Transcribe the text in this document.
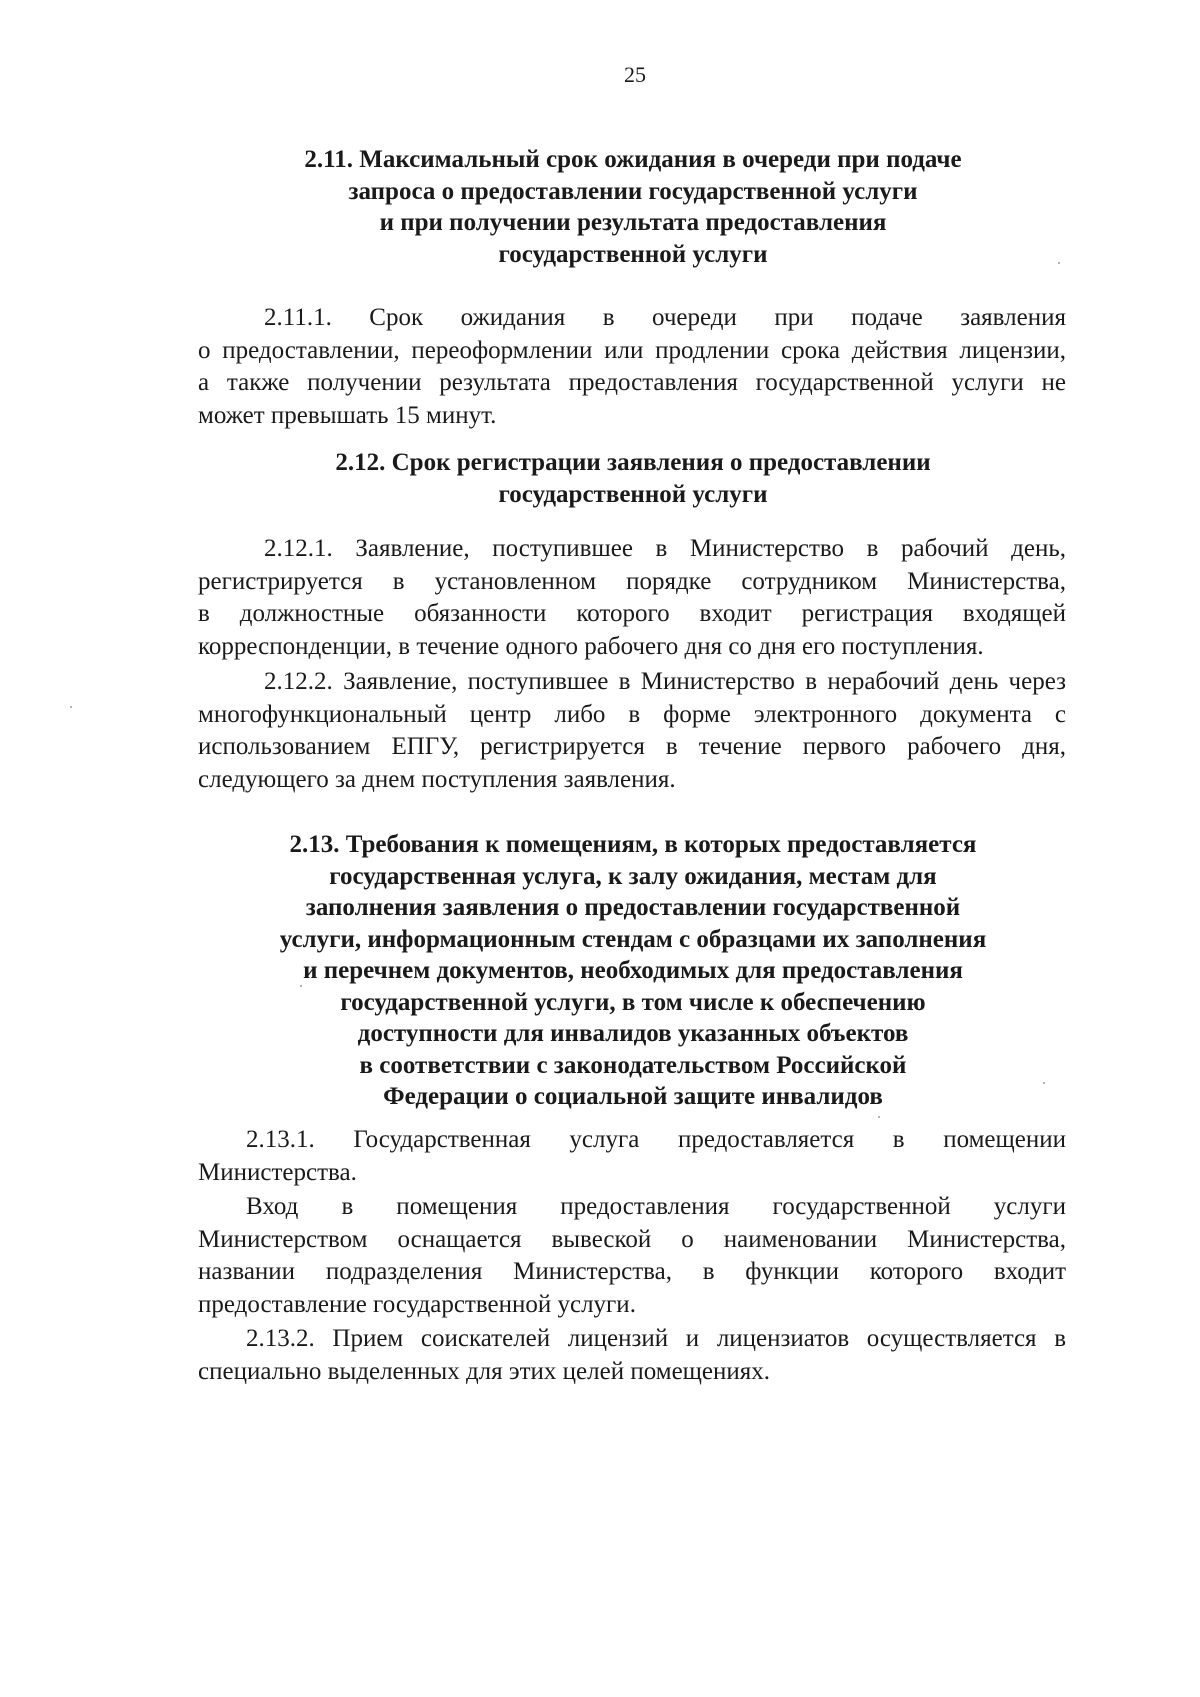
25
2.11. Максимальный срок ожидания в очереди при подаче
запроса о предоставлении государственной услуги
и при получении результата предоставления
государственной услуги
2.11.1. Срок ожидания в очереди при подаче заявления
о предоставлении, переоформлении или продлении срока действия лицензии,
а также получении результата предоставления государственной услуги не
может превышать 15 минут.
2.12. Срок регистрации заявления о предоставлении
государственной услуги
2.12.1. Заявление, поступившее в Министерство в рабочий день,
регистрируется в установленном порядке сотрудником Министерства,
в должностные обязанности которого входит регистрация входящей
корреспонденции, в течение одного рабочего дня со дня его поступления.
2.12.2. Заявление, поступившее в Министерство в нерабочий день через
многофункциональный центр либо в форме электронного документа с
использованием ЕПГУ, регистрируется в течение первого рабочего дня,
следующего за днем поступления заявления.
2.13. Требования к помещениям, в которых предоставляется
государственная услуга, к залу ожидания, местам для
заполнения заявления о предоставлении государственной
услуги, информационным стендам с образцами их заполнения
и перечнем документов, необходимых для предоставления
государственной услуги, в том числе к обеспечению
доступности для инвалидов указанных объектов
в соответствии с законодательством Российской
Федерации о социальной защите инвалидов
2.13.1. Государственная услуга предоставляется в помещении
Министерства.
Вход в помещения предоставления государственной услуги
Министерством оснащается вывеской о наименовании Министерства,
названии подразделения Министерства, в функции которого входит
предоставление государственной услуги.
2.13.2. Прием соискателей лицензий и лицензиатов осуществляется в
специально выделенных для этих целей помещениях.
